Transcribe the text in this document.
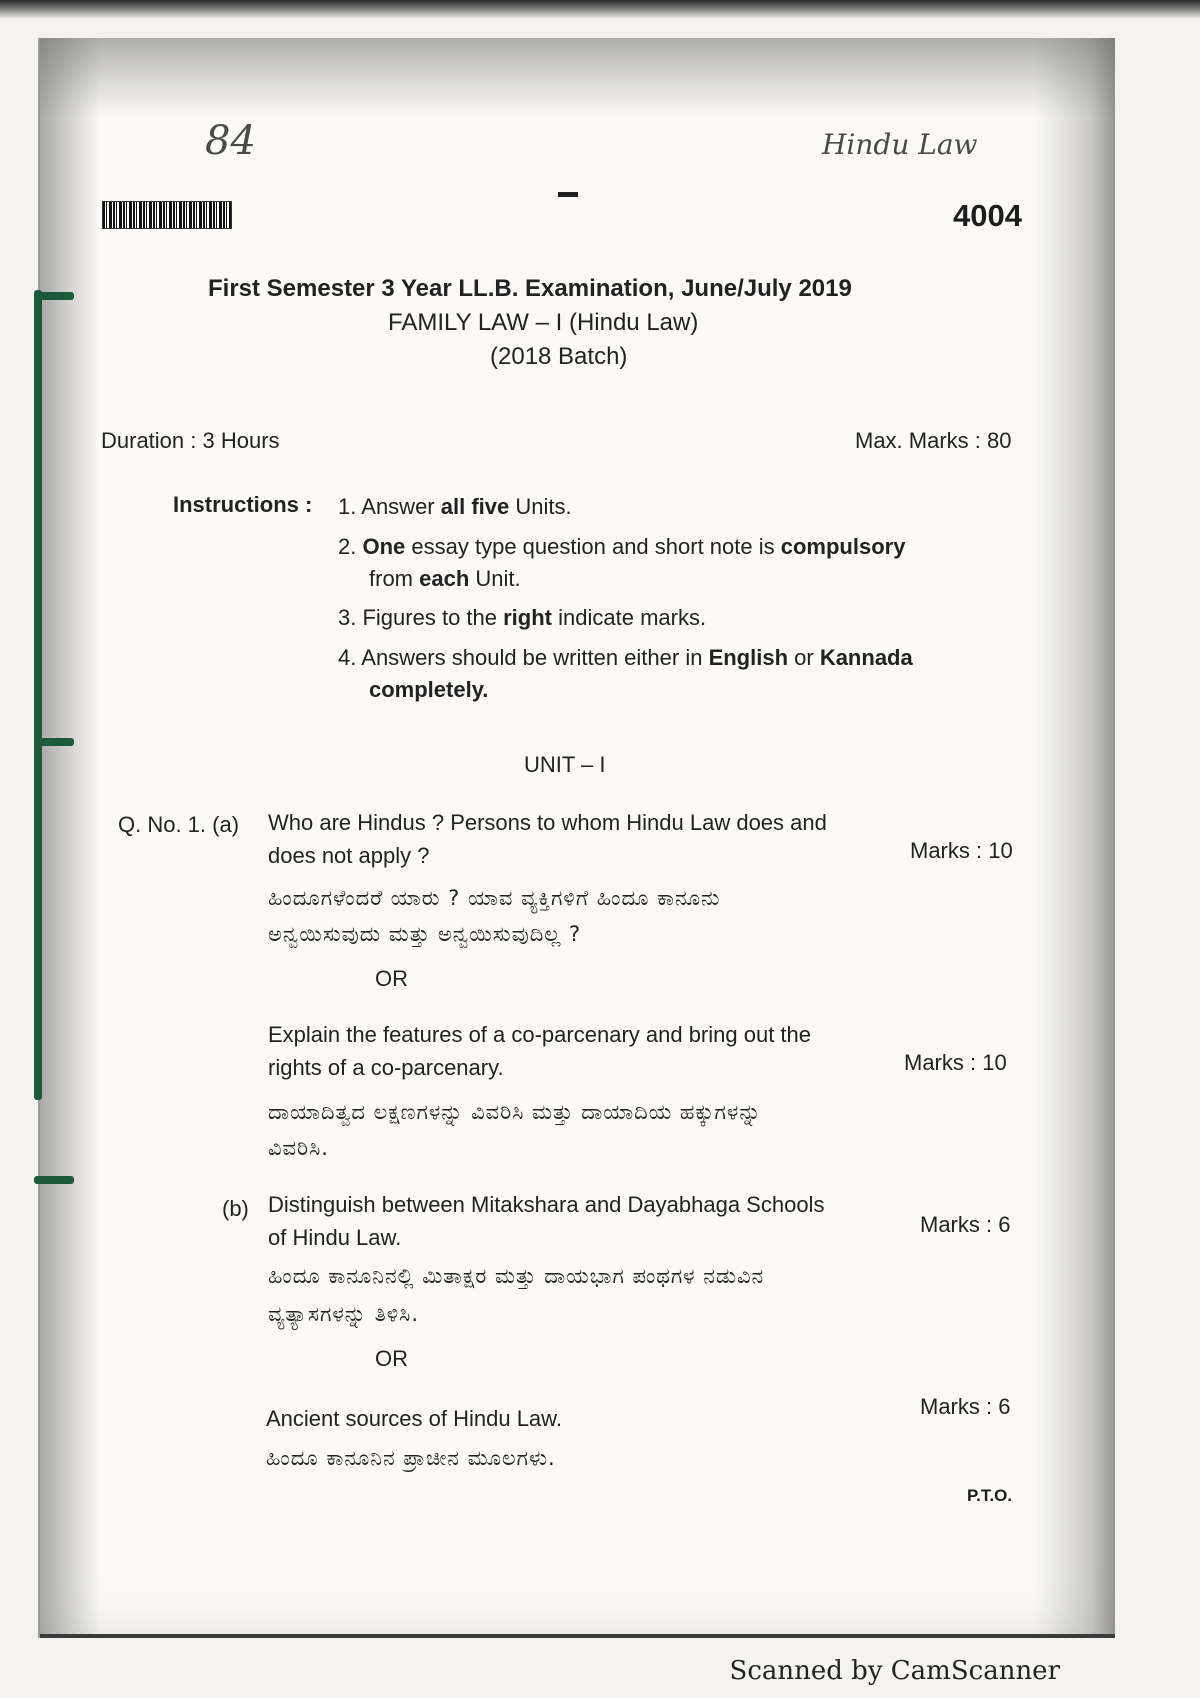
84	Hindu Law
4004
First Semester 3 Year LL.B. Examination, June/July 2019
FAMILY LAW – I (Hindu Law)
(2018 Batch)
Duration : 3 Hours	Max. Marks : 80
Instructions : 1. Answer all five Units.
2. One essay type question and short note is compulsory
from each Unit.
3. Figures to the right indicate marks.
4. Answers should be written either in English or Kannada
completely.
UNIT – I
Q. No. 1. (a) Who are Hindus ? Persons to whom Hindu Law does and
does not apply ?	Marks : 10
ಹಿಂದೂಗಳೆಂದರೆ ಯಾರು ? ಯಾವ ವ್ಯಕ್ತಿಗಳಿಗೆ ಹಿಂದೂ ಕಾನೂನು
ಅನ್ವಯಿಸುವುದು ಮತ್ತು ಅನ್ವಯಿಸುವುದಿಲ್ಲ ?
OR
Explain the features of a co-parcenary and bring out the
rights of a co-parcenary.	Marks : 10
ದಾಯಾದಿತ್ವದ ಲಕ್ಷಣಗಳನ್ನು ವಿವರಿಸಿ ಮತ್ತು ದಾಯಾದಿಯ ಹಕ್ಕುಗಳನ್ನು
ವಿವರಿಸಿ.
(b) Distinguish between Mitakshara and Dayabhaga Schools
of Hindu Law.
Marks : 6
ಹಿಂದೂ ಕಾನೂನಿನಲ್ಲಿ ಮಿತಾಕ್ಷರ ಮತ್ತು ದಾಯಭಾಗ ಪಂಥಗಳ ನಡುವಿನ
ವ್ಯತ್ಯಾಸಗಳನ್ನು ತಿಳಿಸಿ.
OR
Ancient sources of Hindu Law.	Marks : 6
ಹಿಂದೂ ಕಾನೂನಿನ ಪ್ರಾಚೀನ ಮೂಲಗಳು.
P.T.O.
Scanned by CamScanner
